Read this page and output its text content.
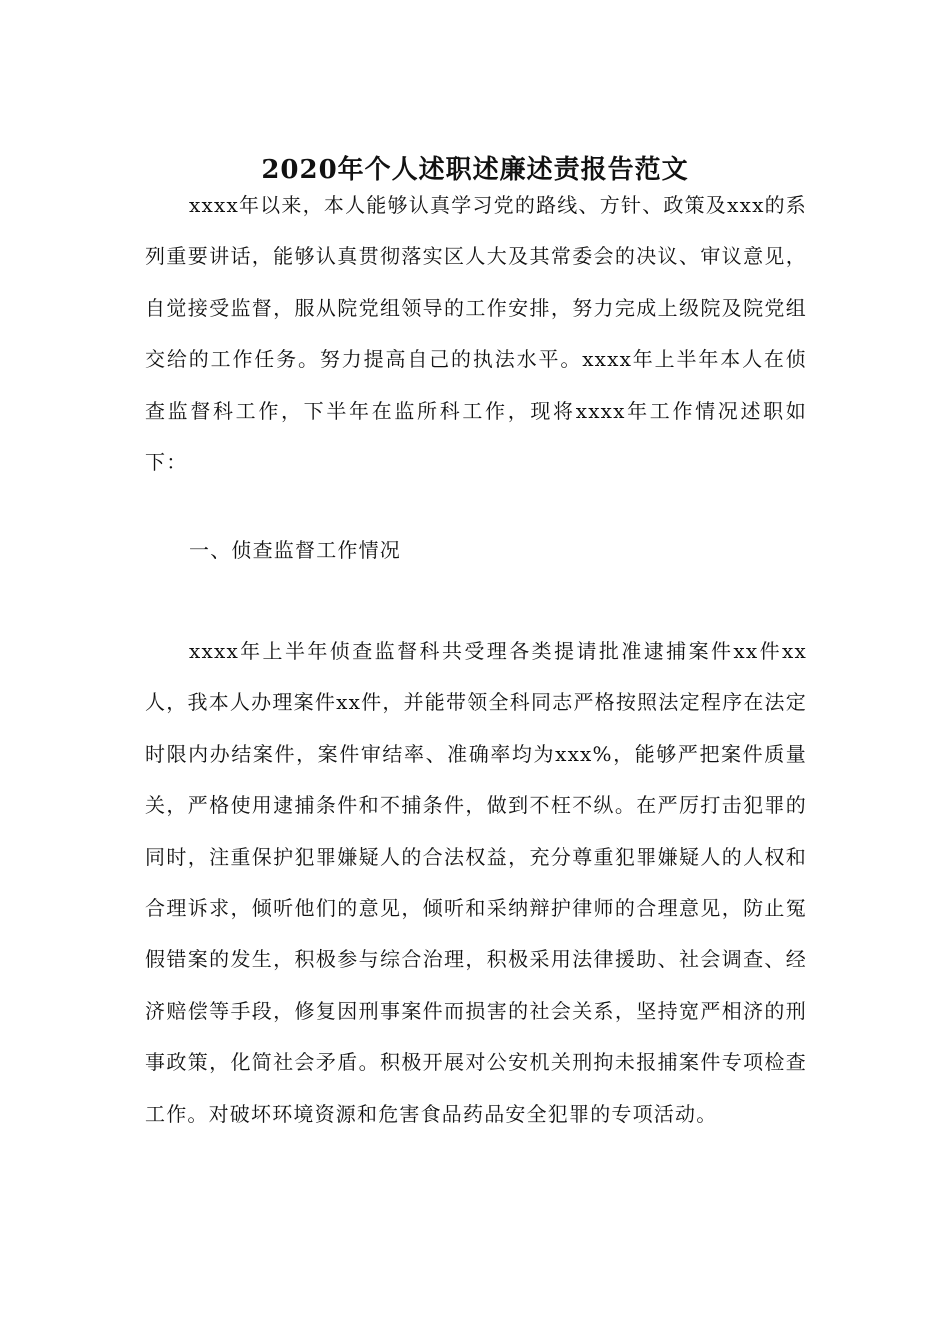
2020年个人述职述廉述责报告范文

xxxx年以来，本人能够认真学习党的路线、方针、政策及xxx的系列重要讲话，能够认真贯彻落实区人大及其常委会的决议、审议意见，自觉接受监督，服从院党组领导的工作安排，努力完成上级院及院党组交给的工作任务。努力提高自己的执法水平。xxxx年上半年本人在侦查监督科工作，下半年在监所科工作，现将xxxx年工作情况述职如下：

一、侦查监督工作情况

xxxx年上半年侦查监督科共受理各类提请批准逮捕案件xx件xx人，我本人办理案件xx件，并能带领全科同志严格按照法定程序在法定时限内办结案件，案件审结率、准确率均为xxx%，能够严把案件质量关，严格使用逮捕条件和不捕条件，做到不枉不纵。在严厉打击犯罪的同时，注重保护犯罪嫌疑人的合法权益，充分尊重犯罪嫌疑人的人权和合理诉求，倾听他们的意见，倾听和采纳辩护律师的合理意见，防止冤假错案的发生，积极参与综合治理，积极采用法律援助、社会调查、经济赔偿等手段，修复因刑事案件而损害的社会关系，坚持宽严相济的刑事政策，化简社会矛盾。积极开展对公安机关刑拘未报捕案件专项检查工作。对破坏环境资源和危害食品药品安全犯罪的专项活动。
